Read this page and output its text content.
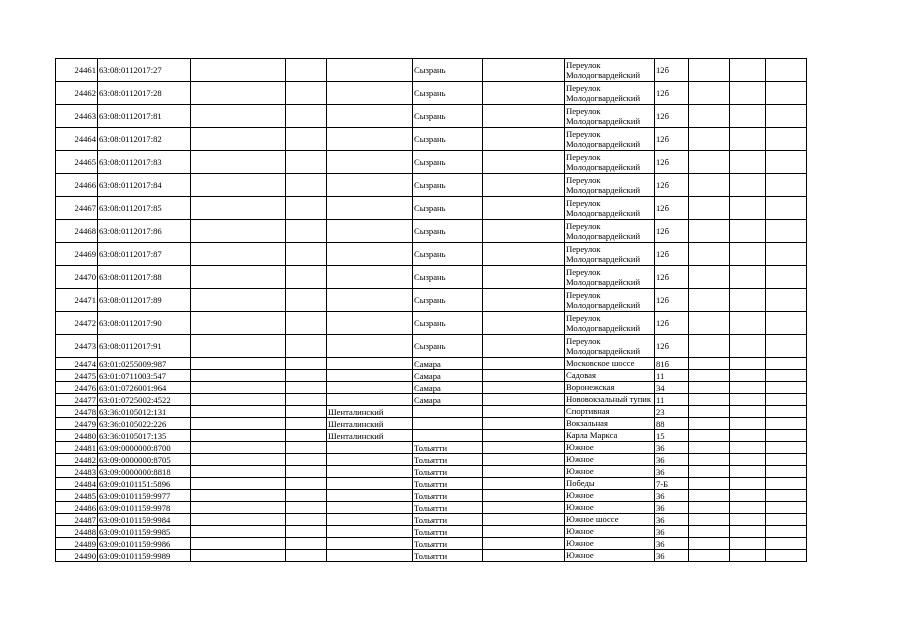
24461	63:08:0112017:27				Сызрань		Переулок Молодогвардейский	12б			
24462	63:08:0112017:28				Сызрань		Переулок Молодогвардейский	12б			
24463	63:08:0112017:81				Сызрань		Переулок Молодогвардейский	12б			
24464	63:08:0112017:82				Сызрань		Переулок Молодогвардейский	12б			
24465	63:08:0112017:83				Сызрань		Переулок Молодогвардейский	12б			
24466	63:08:0112017:84				Сызрань		Переулок Молодогвардейский	12б			
24467	63:08:0112017:85				Сызрань		Переулок Молодогвардейский	12б			
24468	63:08:0112017:86				Сызрань		Переулок Молодогвардейский	12б			
24469	63:08:0112017:87				Сызрань		Переулок Молодогвардейский	12б			
24470	63:08:0112017:88				Сызрань		Переулок Молодогвардейский	12б			
24471	63:08:0112017:89				Сызрань		Переулок Молодогвардейский	12б			
24472	63:08:0112017:90				Сызрань		Переулок Молодогвардейский	12б			
24473	63:08:0112017:91				Сызрань		Переулок Молодогвардейский	12б			
24474	63:01:0255009:987				Самара		Московское шоссе	81б			
24475	63:01:0711003:547				Самара		Садовая	11			
24476	63:01:0726001:964				Самара		Воронежская	34			
24477	63:01:0725002:4522				Самара		Нововокзальный тупик	11			
24478	63:36:0105012:131			Шенталинский			Спортивная	23			
24479	63:36:0105022:226			Шенталинский			Вокзальная	88			
24480	63:36:0105017:135			Шенталинский			Карла Маркса	15			
24481	63:09:0000000:8700				Тольятти		Южное	36			
24482	63:09:0000000:8705				Тольятти		Южное	36			
24483	63:09:0000000:8818				Тольятти		Южное	36			
24484	63:09:0101151:5896				Тольятти		Победы	7-Б			
24485	63:09:0101159:9977				Тольятти		Южное	36			
24486	63:09:0101159:9978				Тольятти		Южное	36			
24487	63:09:0101159:9984				Тольятти		Южное шоссе	36			
24488	63:09:0101159:9985				Тольятти		Южное	36			
24489	63:09:0101159:9986				Тольятти		Южное	36			
24490	63:09:0101159:9989				Тольятти		Южное	36			
